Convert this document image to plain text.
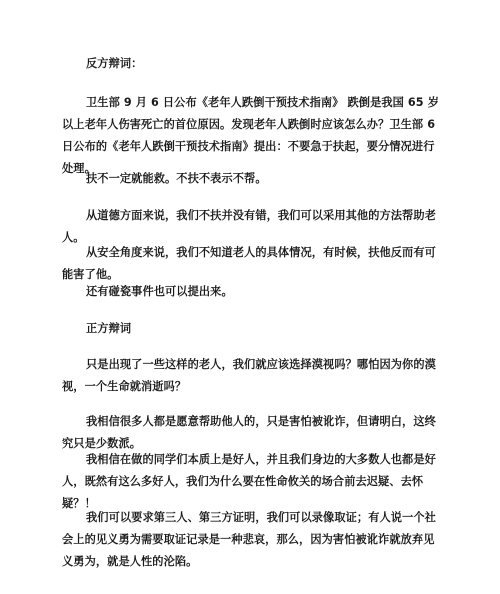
反方辩词：

卫生部 9 月 6 日公布《老年人跌倒干预技术指南》 跌倒是我国 65 岁以上老年人伤害死亡的首位原因。发现老年人跌倒时应该怎么办？卫生部 6 日公布的《老年人跌倒干预技术指南》提出：不要急于扶起，要分情况进行处理。

扶不一定就能救。不扶不表示不帮。

从道德方面来说，我们不扶并没有错，我们可以采用其他的方法帮助老人。

从安全角度来说，我们不知道老人的具体情况，有时候，扶他反而有可能害了他。

还有碰瓷事件也可以提出来。

正方辩词

只是出现了一些这样的老人，我们就应该选择漠视吗？哪怕因为你的漠视，一个生命就消逝吗？

我相信很多人都是愿意帮助他人的，只是害怕被讹诈，但请明白，这终究只是少数派。

我相信在做的同学们本质上是好人，并且我们身边的大多数人也都是好人，既然有这么多好人，我们为什么要在性命攸关的场合前去迟疑、去怀疑？！

我们可以要求第三人、第三方证明，我们可以录像取证；有人说一个社会上的见义勇为需要取证记录是一种悲哀，那么，因为害怕被讹诈就放弃见义勇为，就是人性的沦陷。
